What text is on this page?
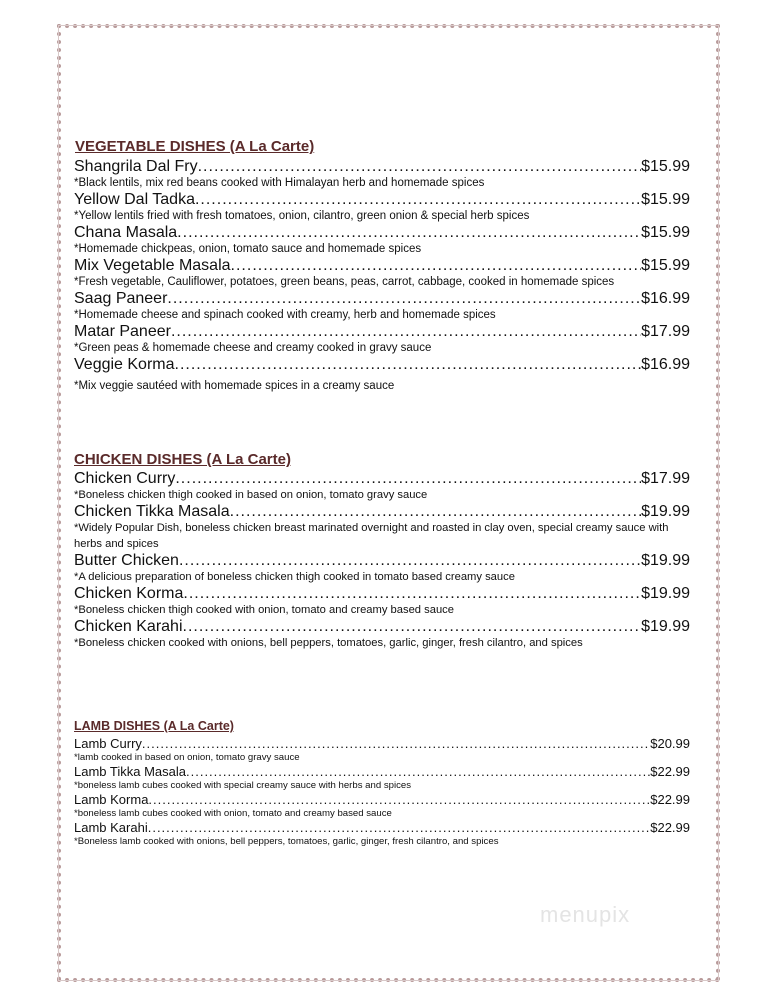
VEGETABLE DISHES (A La Carte)
Shangrila Dal Fry .....	$15.99
*Black lentils, mix red beans cooked with Himalayan herb and homemade spices
Yellow Dal Tadka .....	$15.99
*Yellow lentils fried with fresh tomatoes, onion, cilantro, green onion & special herb spices
Chana Masala .....	$15.99
*Homemade chickpeas, onion, tomato sauce and homemade spices
Mix Vegetable Masala .....	$15.99
*Fresh vegetable, Cauliflower, potatoes, green beans, peas, carrot, cabbage, cooked in homemade spices
Saag Paneer .....	$16.99
*Homemade cheese and spinach cooked with creamy, herb and homemade spices
Matar Paneer .....	$17.99
*Green peas & homemade cheese and creamy cooked in gravy sauce
Veggie Korma .....	$16.99
*Mix veggie sautéed with homemade spices in a creamy sauce
CHICKEN DISHES (A La Carte)
Chicken Curry .....	$17.99
*Boneless chicken thigh cooked in based on onion, tomato gravy sauce
Chicken Tikka Masala .....	$19.99
*Widely Popular Dish, boneless chicken breast marinated overnight and roasted in clay oven, special creamy sauce with herbs and spices
Butter Chicken .....	$19.99
*A delicious preparation of boneless chicken thigh cooked in tomato based creamy sauce
Chicken Korma .....	$19.99
*Boneless chicken thigh cooked with onion, tomato and creamy based sauce
Chicken Karahi .....	$19.99
*Boneless chicken cooked with onions, bell peppers, tomatoes, garlic, ginger, fresh cilantro, and spices
LAMB DISHES (A La Carte)
Lamb Curry .....	$20.99
*lamb cooked in based on onion, tomato gravy sauce
Lamb Tikka Masala .....	$22.99
*boneless lamb cubes cooked with special creamy sauce with herbs and spices
Lamb Korma .....	$22.99
*boneless lamb cubes cooked with onion, tomato and creamy based sauce
Lamb Karahi .....	$22.99
*Boneless lamb cooked with onions, bell peppers, tomatoes, garlic, ginger, fresh cilantro, and spices
menupix
